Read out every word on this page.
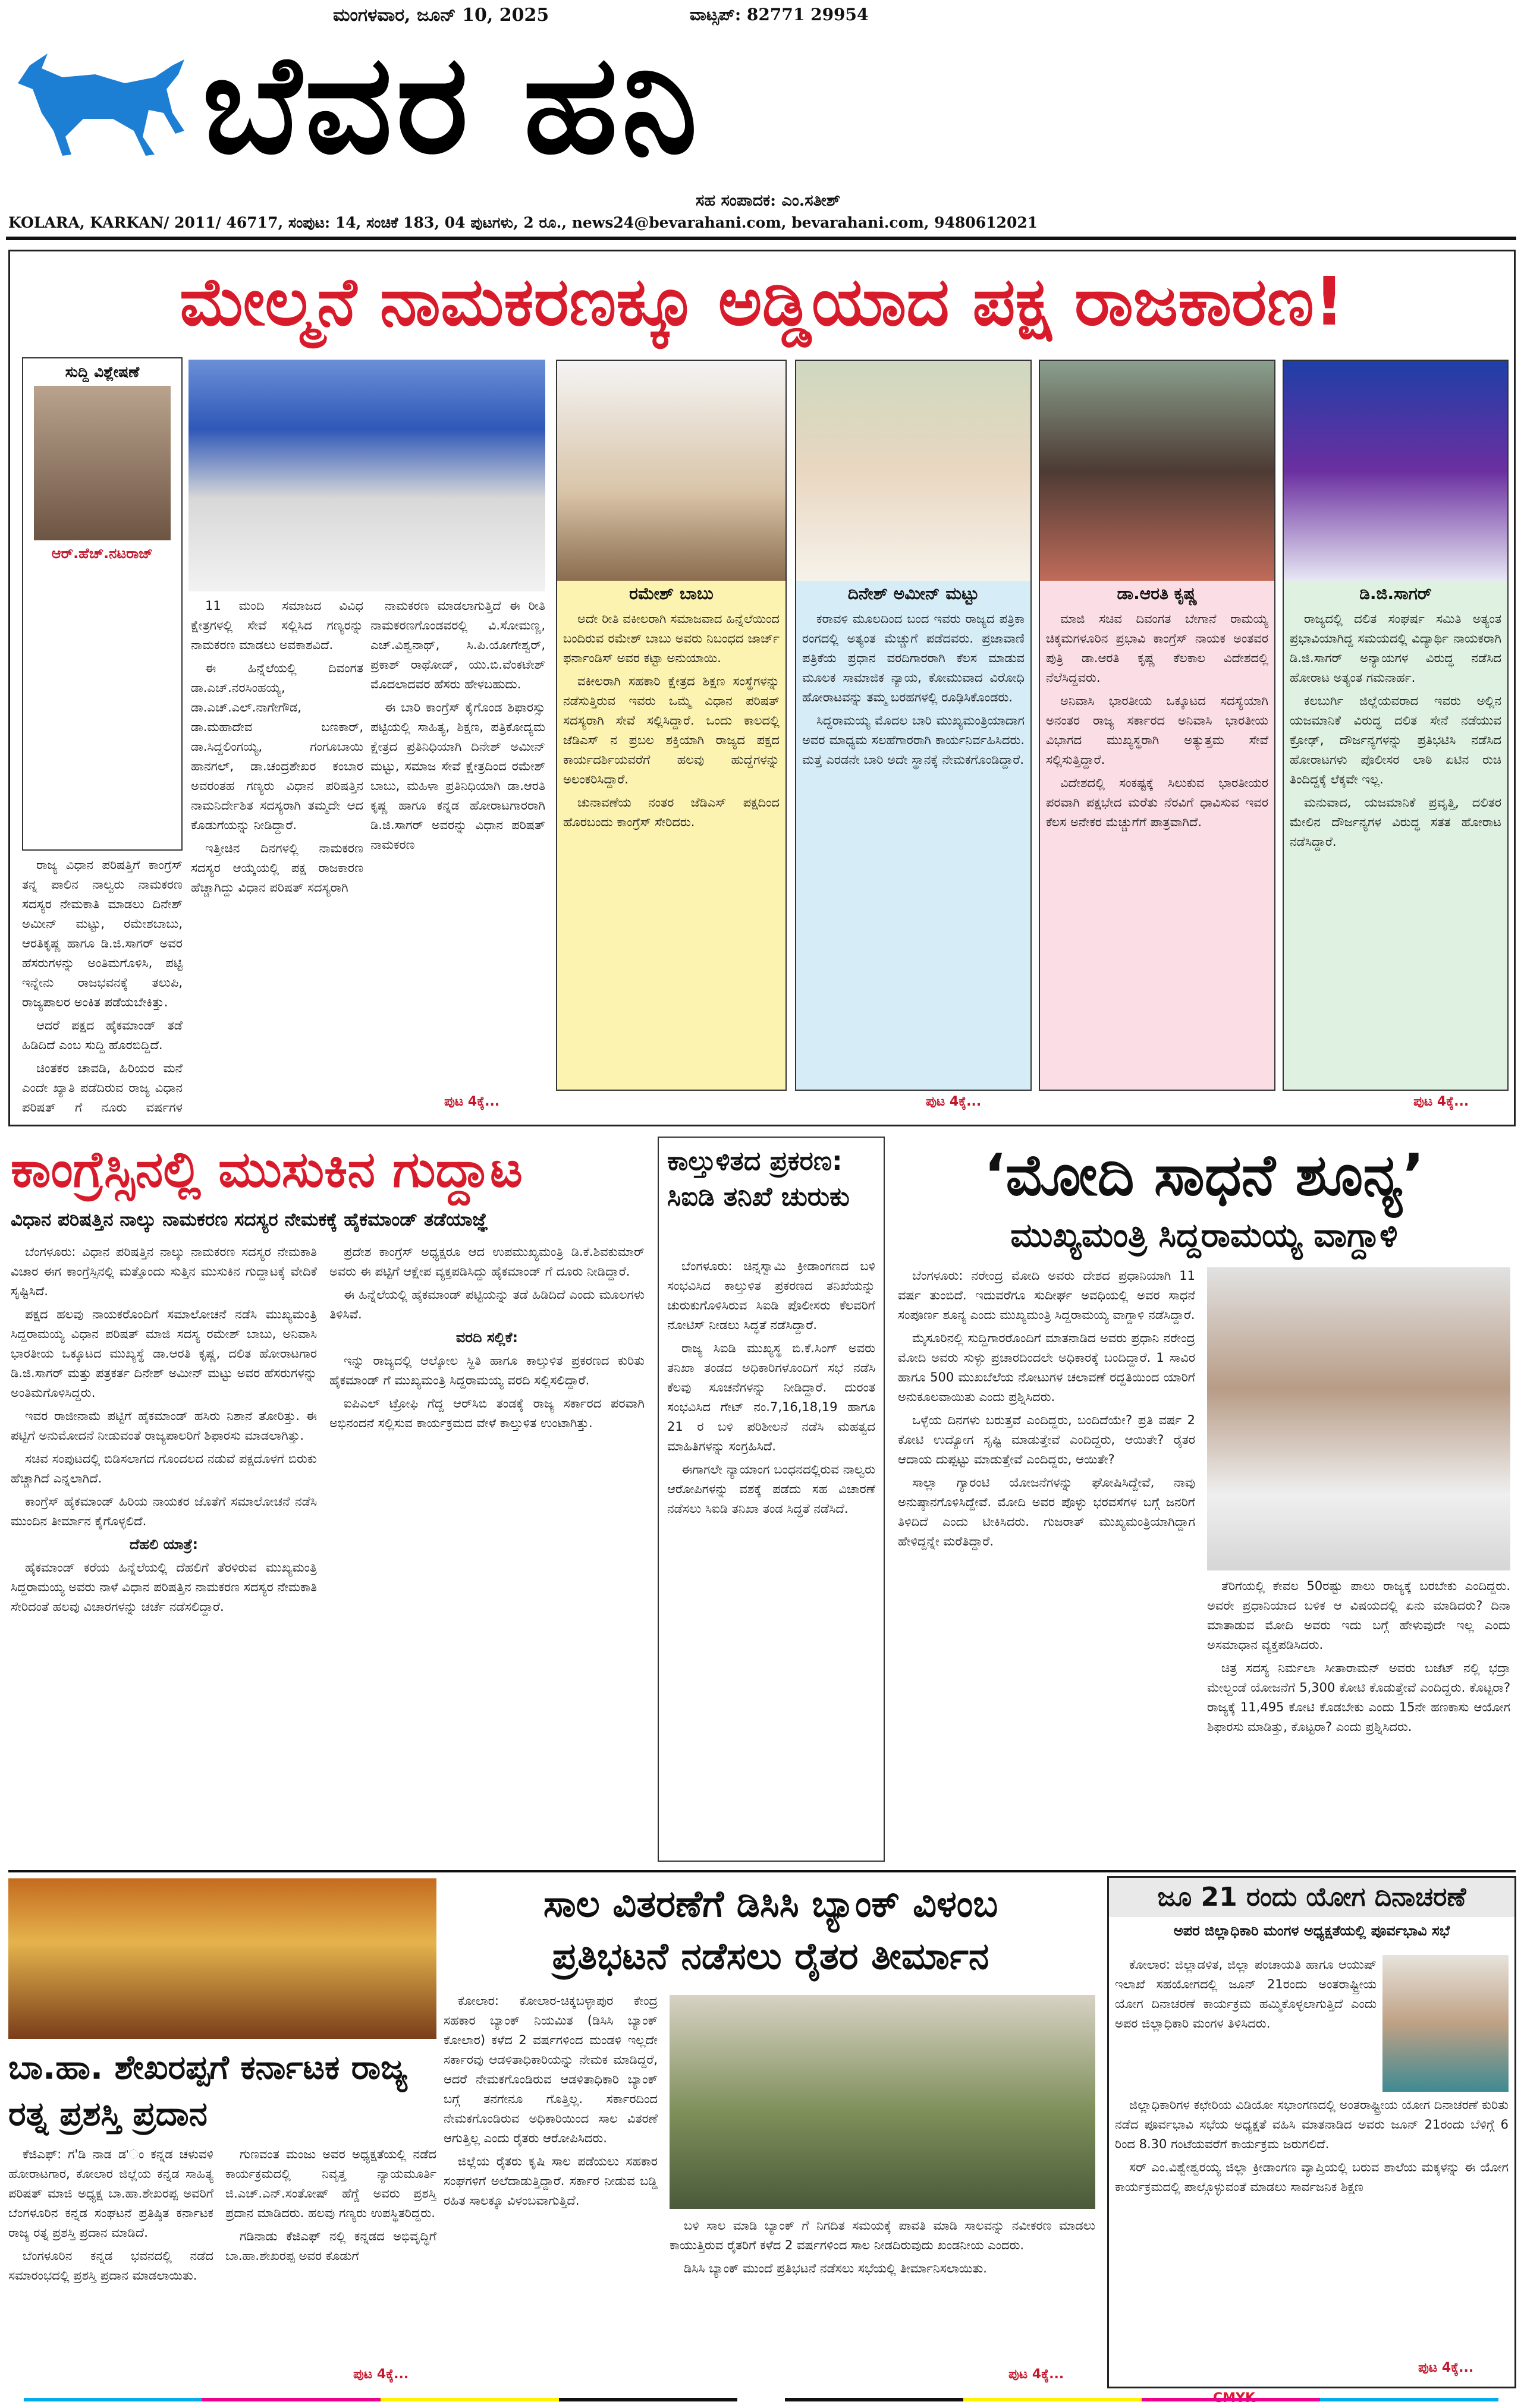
ಮಂಗಳವಾರ, ಜೂನ್ 10, 2025	ವಾಟ್ಸಪ್: 82771 29954
ಬೆವರ ಹನಿ
ಸಹ ಸಂಪಾದಕ: ಎಂ.ಸತೀಶ್
KOLARA, KARKAN/ 2011/ 46717, ಸಂಪುಟ: 14, ಸಂಚಿಕೆ 183, 04 ಪುಟಗಳು, 2 ರೂ., news24@bevarahani.com, bevarahani.com, 9480612021
ಮೇಲ್ಮನೆ ನಾಮಕರಣಕ್ಕೂ ಅಡ್ಡಿಯಾದ ಪಕ್ಷ ರಾಜಕಾರಣ!
ಸುದ್ದಿ ವಿಶ್ಲೇಷಣೆ
ಆರ್.ಹೆಚ್.ನಟರಾಜ್
ರಮೇಶ್ ಬಾಬು

ಅದೇ ರೀತಿ ವಕೀಲರಾಗಿ ಸಮಾಜವಾದ ಹಿನ್ನೆಲೆಯಿಂದ ಬಂದಿರುವ ರಮೇಶ್ ಬಾಬು ಅವರು ನಿಬಂಧದ ಜಾರ್ಜ್ ಫರ್ನಾಂಡಿಸ್ ಅವರ ಕಟ್ಟಾ ಅನುಯಾಯಿ.

ವಕೀಲರಾಗಿ ಸಹಕಾರಿ ಕ್ಷೇತ್ರದ ಶಿಕ್ಷಣ ಸಂಸ್ಥೆಗಳನ್ನು ನಡೆಸುತ್ತಿರುವ ಇವರು ಒಮ್ಮೆ ವಿಧಾನ ಪರಿಷತ್ ಸದಸ್ಯರಾಗಿ ಸೇವೆ ಸಲ್ಲಿಸಿದ್ದಾರೆ. ಒಂದು ಕಾಲದಲ್ಲಿ ಜೆಡಿಎಸ್ ನ ಪ್ರಬಲ ಶಕ್ತಿಯಾಗಿ ರಾಜ್ಯದ ಪಕ್ಷದ ಕಾರ್ಯದರ್ಶಿಯವರೆಗೆ ಹಲವು ಹುದ್ದೆಗಳನ್ನು ಅಲಂಕರಿಸಿದ್ದಾರೆ.

ಚುನಾವಣೆಯ ನಂತರ ಜೆಡಿಎಸ್ ಪಕ್ಷದಿಂದ ಹೊರಬಂದು ಕಾಂಗ್ರೆಸ್ ಸೇರಿದರು.

ದಿನೇಶ್ ಅಮೀನ್ ಮಟ್ಟು

ಕರಾವಳಿ ಮೂಲದಿಂದ ಬಂದ ಇವರು ರಾಜ್ಯದ ಪತ್ರಿಕಾ ರಂಗದಲ್ಲಿ ಅತ್ಯಂತ ಮೆಚ್ಚುಗೆ ಪಡೆದವರು. ಪ್ರಜಾವಾಣಿ ಪತ್ರಿಕೆಯ ಪ್ರಧಾನ ವರದಿಗಾರರಾಗಿ ಕೆಲಸ ಮಾಡುವ ಮೂಲಕ ಸಾಮಾಜಿಕ ನ್ಯಾಯ, ಕೋಮುವಾದ ವಿರೋಧಿ ಹೋರಾಟವನ್ನು ತಮ್ಮ ಬರಹಗಳಲ್ಲಿ ರೂಢಿಸಿಕೊಂಡರು.

ಸಿದ್ದರಾಮಯ್ಯ ಮೊದಲ ಬಾರಿ ಮುಖ್ಯಮಂತ್ರಿಯಾದಾಗ ಅವರ ಮಾಧ್ಯಮ ಸಲಹೆಗಾರರಾಗಿ ಕಾರ್ಯನಿರ್ವಹಿಸಿದರು. ಮತ್ತೆ ಎರಡನೇ ಬಾರಿ ಅದೇ ಸ್ಥಾನಕ್ಕೆ ನೇಮಕಗೊಂಡಿದ್ದಾರೆ.

ಡಾ.ಆರತಿ ಕೃಷ್ಣ

ಮಾಜಿ ಸಚಿವ ದಿವಂಗತ ಬೇಗಾನೆ ರಾಮಯ್ಯ ಚಿಕ್ಕಮಗಳೂರಿನ ಪ್ರಭಾವಿ ಕಾಂಗ್ರೆಸ್ ನಾಯಕ ಅಂತವರ ಪುತ್ರಿ ಡಾ.ಆರತಿ ಕೃಷ್ಣ ಕೆಲಕಾಲ ವಿದೇಶದಲ್ಲಿ ನೆಲೆಸಿದ್ದವರು.

ಅನಿವಾಸಿ ಭಾರತೀಯ ಒಕ್ಕೂಟದ ಸದಸ್ಯೆಯಾಗಿ ಅನಂತರ ರಾಜ್ಯ ಸರ್ಕಾರದ ಅನಿವಾಸಿ ಭಾರತೀಯ ವಿಭಾಗದ ಮುಖ್ಯಸ್ಥರಾಗಿ ಅತ್ಯುತ್ತಮ ಸೇವೆ ಸಲ್ಲಿಸುತ್ತಿದ್ದಾರೆ.

ವಿದೇಶದಲ್ಲಿ ಸಂಕಷ್ಟಕ್ಕೆ ಸಿಲುಕುವ ಭಾರತೀಯರ ಪರವಾಗಿ ಪಕ್ಷಭೇದ ಮರೆತು ನೆರವಿಗೆ ಧಾವಿಸುವ ಇವರ ಕೆಲಸ ಅನೇಕರ ಮೆಚ್ಚುಗೆಗೆ ಪಾತ್ರವಾಗಿದೆ.

ಡಿ.ಜಿ.ಸಾಗರ್

ರಾಜ್ಯದಲ್ಲಿ ದಲಿತ ಸಂಘರ್ಷ ಸಮಿತಿ ಅತ್ಯಂತ ಪ್ರಭಾವಿಯಾಗಿದ್ದ ಸಮಯದಲ್ಲಿ ವಿದ್ಯಾರ್ಥಿ ನಾಯಕರಾಗಿ ಡಿ.ಜಿ.ಸಾಗರ್ ಅನ್ಯಾಯಗಳ ವಿರುದ್ಧ ನಡೆಸಿದ ಹೋರಾಟ ಅತ್ಯಂತ ಗಮನಾರ್ಹ.

ಕಲಬುರ್ಗಿ ಜಿಲ್ಲೆಯವರಾದ ಇವರು ಅಲ್ಲಿನ ಯಜಮಾನಿಕೆ ವಿರುದ್ಧ ದಲಿತ ಸೇನೆ ನಡೆಯುವ ಕ್ರೋಢ್, ದೌರ್ಜನ್ಯಗಳನ್ನು ಪ್ರತಿಭಟಿಸಿ ನಡೆಸಿದ ಹೋರಾಟಗಳು ಪೊಲೀಸರ ಲಾಠಿ ಏಟಿನ ರುಚಿ ತಿಂದಿದ್ದಕ್ಕೆ ಲೆಕ್ಕವೇ ಇಲ್ಲ.

ಮನುವಾದ, ಯಜಮಾನಿಕೆ ಪ್ರವೃತ್ತಿ, ದಲಿತರ ಮೇಲಿನ ದೌರ್ಜನ್ಯಗಳ ವಿರುದ್ಧ ಸತತ ಹೋರಾಟ ನಡೆಸಿದ್ದಾರೆ.

ರಾಜ್ಯ ವಿಧಾನ ಪರಿಷತ್ತಿಗೆ ಕಾಂಗ್ರೆಸ್ ತನ್ನ ಪಾಲಿನ ನಾಲ್ವರು ನಾಮಕರಣ ಸದಸ್ಯರ ನೇಮಕಾತಿ ಮಾಡಲು ದಿನೇಶ್ ಅಮೀನ್ ಮಟ್ಟು, ರಮೇಶಬಾಬು, ಆರತಿಕೃಷ್ಣ ಹಾಗೂ ಡಿ.ಜಿ.ಸಾಗರ್ ಅವರ ಹೆಸರುಗಳನ್ನು ಅಂತಿಮಗೊಳಿಸಿ, ಪಟ್ಟಿ ಇನ್ನೇನು ರಾಜಭವನಕ್ಕೆ ತಲುಪಿ, ರಾಜ್ಯಪಾಲರ ಅಂಕಿತ ಪಡೆಯಬೇಕಿತ್ತು.

ಆದರೆ ಪಕ್ಷದ ಹೈಕಮಾಂಡ್ ತಡೆ ಹಿಡಿದಿದೆ ಎಂಬ ಸುದ್ದಿ ಹೊರಬಿದ್ದಿದೆ.

ಚಿಂತಕರ ಚಾವಡಿ, ಹಿರಿಯರ ಮನೆ ಎಂದೇ ಖ್ಯಾತಿ ಪಡೆದಿರುವ ರಾಜ್ಯ ವಿಧಾನ ಪರಿಷತ್ ಗೆ ನೂರು ವರ್ಷಗಳ

11 ಮಂದಿ ಸಮಾಜದ ವಿವಿಧ ಕ್ಷೇತ್ರಗಳಲ್ಲಿ ಸೇವೆ ಸಲ್ಲಿಸಿದ ಗಣ್ಯರನ್ನು ನಾಮಕರಣ ಮಾಡಲು ಅವಕಾಶವಿದೆ.

ಈ ಹಿನ್ನೆಲೆಯಲ್ಲಿ ದಿವಂಗತ ಡಾ.ಎಚ್.ನರಸಿಂಹಯ್ಯ, ಡಾ.ಎಚ್.ಎಲ್.ನಾಗೇಗೌಡ, ಡಾ.ಮಹಾದೇವ ಬಣಕಾರ್, ಡಾ.ಸಿದ್ದಲಿಂಗಯ್ಯ, ಗಂಗೂಬಾಯಿ ಹಾನಗಲ್, ಡಾ.ಚಂದ್ರಶೇಖರ ಕಂಬಾರ ಅವರಂತಹ ಗಣ್ಯರು ವಿಧಾನ ಪರಿಷತ್ತಿನ ನಾಮನಿರ್ದೇಶಿತ ಸದಸ್ಯರಾಗಿ ತಮ್ಮದೇ ಆದ ಕೊಡುಗೆಯನ್ನು ನೀಡಿದ್ದಾರೆ.

ಇತ್ತೀಚಿನ ದಿನಗಳಲ್ಲಿ ನಾಮಕರಣ ಸದಸ್ಯರ ಆಯ್ಕೆಯಲ್ಲಿ ಪಕ್ಷ ರಾಜಕಾರಣ ಹೆಚ್ಚಾಗಿದ್ದು ವಿಧಾನ ಪರಿಷತ್ ಸದಸ್ಯರಾಗಿ

ನಾಮಕರಣ ಮಾಡಲಾಗುತ್ತಿದೆ ಈ ರೀತಿ ನಾಮಕರಣಗೊಂಡವರಲ್ಲಿ ವಿ.ಸೋಮಣ್ಣ, ಎಚ್.ವಿಶ್ವನಾಥ್, ಸಿ.ಪಿ.ಯೋಗೇಶ್ವರ್, ಪ್ರಕಾಶ್ ರಾಥೋಡ್, ಯು.ಬಿ.ವೆಂಕಟೇಶ್ ಮೊದಲಾದವರ ಹೆಸರು ಹೇಳಬಹುದು.

ಈ ಬಾರಿ ಕಾಂಗ್ರೆಸ್ ಕೈಗೊಂಡ ಶಿಫಾರಸ್ಸು ಪಟ್ಟಿಯಲ್ಲಿ ಸಾಹಿತ್ಯ, ಶಿಕ್ಷಣ, ಪತ್ರಿಕೋದ್ಯಮ ಕ್ಷೇತ್ರದ ಪ್ರತಿನಿಧಿಯಾಗಿ ದಿನೇಶ್ ಅಮೀನ್ ಮಟ್ಟು, ಸಮಾಜ ಸೇವೆ ಕ್ಷೇತ್ರದಿಂದ ರಮೇಶ್ ಬಾಬು, ಮಹಿಳಾ ಪ್ರತಿನಿಧಿಯಾಗಿ ಡಾ.ಆರತಿ ಕೃಷ್ಣ ಹಾಗೂ ಕನ್ನಡ ಹೋರಾಟಗಾರರಾಗಿ ಡಿ.ಜಿ.ಸಾಗರ್ ಅವರನ್ನು ವಿಧಾನ ಪರಿಷತ್ ನಾಮಕರಣ

ಪುಟ 4ಕ್ಕೆ...	ಪುಟ 4ಕ್ಕೆ...	ಪುಟ 4ಕ್ಕೆ...
ಕಾಂಗ್ರೆಸ್ಸಿನಲ್ಲಿ ಮುಸುಕಿನ ಗುದ್ದಾಟ
ವಿಧಾನ ಪರಿಷತ್ತಿನ ನಾಲ್ಕು ನಾಮಕರಣ ಸದಸ್ಯರ ನೇಮಕಕ್ಕೆ ಹೈಕಮಾಂಡ್ ತಡೆಯಾಜ್ಞೆ

ಬೆಂಗಳೂರು: ವಿಧಾನ ಪರಿಷತ್ತಿನ ನಾಲ್ಕು ನಾಮಕರಣ ಸದಸ್ಯರ ನೇಮಕಾತಿ ವಿಚಾರ ಈಗ ಕಾಂಗ್ರೆಸ್ಸಿನಲ್ಲಿ ಮತ್ತೊಂದು ಸುತ್ತಿನ ಮುಸುಕಿನ ಗುದ್ದಾಟಕ್ಕೆ ವೇದಿಕೆ ಸೃಷ್ಟಿಸಿದೆ.

ಪಕ್ಷದ ಹಲವು ನಾಯಕರೊಂದಿಗೆ ಸಮಾಲೋಚನೆ ನಡೆಸಿ ಮುಖ್ಯಮಂತ್ರಿ ಸಿದ್ದರಾಮಯ್ಯ ವಿಧಾನ ಪರಿಷತ್ ಮಾಜಿ ಸದಸ್ಯ ರಮೇಶ್ ಬಾಬು, ಅನಿವಾಸಿ ಭಾರತೀಯ ಒಕ್ಕೂಟದ ಮುಖ್ಯಸ್ಥೆ ಡಾ.ಆರತಿ ಕೃಷ್ಣ, ದಲಿತ ಹೋರಾಟಗಾರ ಡಿ.ಜಿ.ಸಾಗರ್ ಮತ್ತು ಪತ್ರಕರ್ತ ದಿನೇಶ್ ಅಮೀನ್ ಮಟ್ಟು ಅವರ ಹೆಸರುಗಳನ್ನು ಅಂತಿಮಗೊಳಿಸಿದ್ದರು.

ಇವರ ರಾಜೀನಾಮೆ ಪಟ್ಟಿಗೆ ಹೈಕಮಾಂಡ್ ಹಸಿರು ನಿಶಾನೆ ತೋರಿತ್ತು. ಈ ಪಟ್ಟಿಗೆ ಅನುಮೋದನೆ ನೀಡುವಂತೆ ರಾಜ್ಯಪಾಲರಿಗೆ ಶಿಫಾರಸು ಮಾಡಲಾಗಿತ್ತು.

ಸಚಿವ ಸಂಪುಟದಲ್ಲಿ ಬಿಡಿಸಲಾಗದ ಗೊಂದಲದ ನಡುವೆ ಪಕ್ಷದೊಳಗೆ ಬಿರುಕು ಹೆಚ್ಚಾಗಿದೆ ಎನ್ನಲಾಗಿದೆ.

ಕಾಂಗ್ರೆಸ್ ಹೈಕಮಾಂಡ್ ಹಿರಿಯ ನಾಯಕರ ಜೊತೆಗೆ ಸಮಾಲೋಚನೆ ನಡೆಸಿ ಮುಂದಿನ ತೀರ್ಮಾನ ಕೈಗೊಳ್ಳಲಿದೆ.

ದೆಹಲಿ ಯಾತ್ರೆ:

ಹೈಕಮಾಂಡ್ ಕರೆಯ ಹಿನ್ನೆಲೆಯಲ್ಲಿ ದೆಹಲಿಗೆ ತೆರಳಿರುವ ಮುಖ್ಯಮಂತ್ರಿ ಸಿದ್ದರಾಮಯ್ಯ ಅವರು ನಾಳೆ ವಿಧಾನ ಪರಿಷತ್ತಿನ ನಾಮಕರಣ ಸದಸ್ಯರ ನೇಮಕಾತಿ ಸೇರಿದಂತೆ ಹಲವು ವಿಚಾರಗಳನ್ನು ಚರ್ಚೆ ನಡೆಸಲಿದ್ದಾರೆ.

ಪ್ರದೇಶ ಕಾಂಗ್ರೆಸ್ ಅಧ್ಯಕ್ಷರೂ ಆದ ಉಪಮುಖ್ಯಮಂತ್ರಿ ಡಿ.ಕೆ.ಶಿವಕುಮಾರ್ ಅವರು ಈ ಪಟ್ಟಿಗೆ ಆಕ್ಷೇಪ ವ್ಯಕ್ತಪಡಿಸಿದ್ದು ಹೈಕಮಾಂಡ್ ಗೆ ದೂರು ನೀಡಿದ್ದಾರೆ.

ಈ ಹಿನ್ನೆಲೆಯಲ್ಲಿ ಹೈಕಮಾಂಡ್ ಪಟ್ಟಿಯನ್ನು ತಡೆ ಹಿಡಿದಿದೆ ಎಂದು ಮೂಲಗಳು ತಿಳಿಸಿವೆ.

ವರದಿ ಸಲ್ಲಿಕೆ:

ಇನ್ನು ರಾಜ್ಯದಲ್ಲಿ ಆಲ್ಕೋಲ ಸ್ಥಿತಿ ಹಾಗೂ ಕಾಲ್ತುಳಿತ ಪ್ರಕರಣದ ಕುರಿತು ಹೈಕಮಾಂಡ್ ಗೆ ಮುಖ್ಯಮಂತ್ರಿ ಸಿದ್ದರಾಮಯ್ಯ ವರದಿ ಸಲ್ಲಿಸಲಿದ್ದಾರೆ.

ಐಪಿಎಲ್ ಟ್ರೋಫಿ ಗೆದ್ದ ಆರ್‌ಸಿಬಿ ತಂಡಕ್ಕೆ ರಾಜ್ಯ ಸರ್ಕಾರದ ಪರವಾಗಿ ಅಭಿನಂದನೆ ಸಲ್ಲಿಸುವ ಕಾರ್ಯಕ್ರಮದ ವೇಳೆ ಕಾಲ್ತುಳಿತ ಉಂಟಾಗಿತ್ತು.

ಕಾಲ್ತುಳಿತದ ಪ್ರಕರಣ: ಸಿಐಡಿ ತನಿಖೆ ಚುರುಕು

ಬೆಂಗಳೂರು: ಚಿನ್ನಸ್ವಾಮಿ ಕ್ರೀಡಾಂಗಣದ ಬಳಿ ಸಂಭವಿಸಿದ ಕಾಲ್ತುಳಿತ ಪ್ರಕರಣದ ತನಿಖೆಯನ್ನು ಚುರುಕುಗೊಳಿಸಿರುವ ಸಿಐಡಿ ಪೊಲೀಸರು ಕೆಲವರಿಗೆ ನೋಟಿಸ್ ನೀಡಲು ಸಿದ್ಧತೆ ನಡೆಸಿದ್ದಾರೆ.

ರಾಜ್ಯ ಸಿಐಡಿ ಮುಖ್ಯಸ್ಥ ಬಿ.ಕೆ.ಸಿಂಗ್ ಅವರು ತನಿಖಾ ತಂಡದ ಅಧಿಕಾರಿಗಳೊಂದಿಗೆ ಸಭೆ ನಡೆಸಿ ಕೆಲವು ಸೂಚನೆಗಳನ್ನು ನೀಡಿದ್ದಾರೆ. ದುರಂತ ಸಂಭವಿಸಿದ ಗೇಟ್ ನಂ.7,16,18,19 ಹಾಗೂ 21 ರ ಬಳಿ ಪರಿಶೀಲನೆ ನಡೆಸಿ ಮಹತ್ವದ ಮಾಹಿತಿಗಳನ್ನು ಸಂಗ್ರಹಿಸಿದೆ.

ಈಗಾಗಲೇ ನ್ಯಾಯಾಂಗ ಬಂಧನದಲ್ಲಿರುವ ನಾಲ್ವರು ಆರೋಪಿಗಳನ್ನು ವಶಕ್ಕೆ ಪಡೆದು ಸಹ ವಿಚಾರಣೆ ನಡೆಸಲು ಸಿಐಡಿ ತನಿಖಾ ತಂಡ ಸಿದ್ಧತೆ ನಡೆಸಿದೆ.

‘ಮೋದಿ ಸಾಧನೆ ಶೂನ್ಯ’
ಮುಖ್ಯಮಂತ್ರಿ ಸಿದ್ದರಾಮಯ್ಯ ವಾಗ್ದಾಳಿ

ಬೆಂಗಳೂರು: ನರೇಂದ್ರ ಮೋದಿ ಅವರು ದೇಶದ ಪ್ರಧಾನಿಯಾಗಿ 11 ವರ್ಷ ತುಂಬಿದೆ. ಇದುವರೆಗೂ ಸುದೀರ್ಘ ಅವಧಿಯಲ್ಲಿ ಅವರ ಸಾಧನೆ ಸಂಪೂರ್ಣ ಶೂನ್ಯ ಎಂದು ಮುಖ್ಯಮಂತ್ರಿ ಸಿದ್ದರಾಮಯ್ಯ ವಾಗ್ದಾಳಿ ನಡೆಸಿದ್ದಾರೆ.

ಮೈಸೂರಿನಲ್ಲಿ ಸುದ್ದಿಗಾರರೊಂದಿಗೆ ಮಾತನಾಡಿದ ಅವರು ಪ್ರಧಾನಿ ನರೇಂದ್ರ ಮೋದಿ ಅವರು ಸುಳ್ಳು ಪ್ರಚಾರದಿಂದಲೇ ಅಧಿಕಾರಕ್ಕೆ ಬಂದಿದ್ದಾರೆ. 1 ಸಾವಿರ ಹಾಗೂ 500 ಮುಖಬೆಲೆಯ ನೋಟುಗಳ ಚಲಾವಣೆ ರದ್ದತಿಯಿಂದ ಯಾರಿಗೆ ಅನುಕೂಲವಾಯಿತು ಎಂದು ಪ್ರಶ್ನಿಸಿದರು.

ಒಳ್ಳೆಯ ದಿನಗಳು ಬರುತ್ತವೆ ಎಂದಿದ್ದರು, ಬಂದಿದೆಯೇ? ಪ್ರತಿ ವರ್ಷ 2 ಕೋಟಿ ಉದ್ಯೋಗ ಸೃಷ್ಟಿ ಮಾಡುತ್ತೇವೆ ಎಂದಿದ್ದರು, ಆಯಿತೇ? ರೈತರ ಆದಾಯ ದುಪ್ಪಟ್ಟು ಮಾಡುತ್ತೇವೆ ಎಂದಿದ್ದರು, ಆಯಿತೇ?

ಸಾಲ್ಲಾ ಗ್ಯಾರಂಟಿ ಯೋಜನೆಗಳನ್ನು ಘೋಷಿಸಿದ್ದೇವೆ, ನಾವು ಅನುಷ್ಠಾನಗೊಳಿಸಿದ್ದೇವೆ. ಮೋದಿ ಅವರ ಪೊಳ್ಳು ಭರವಸೆಗಳ ಬಗ್ಗೆ ಜನರಿಗೆ ತಿಳಿದಿದೆ ಎಂದು ಟೀಕಿಸಿದರು. ಗುಜರಾತ್ ಮುಖ್ಯಮಂತ್ರಿಯಾಗಿದ್ದಾಗ ಹೇಳಿದ್ದನ್ನೇ ಮರೆತಿದ್ದಾರೆ.

ತೆರಿಗೆಯಲ್ಲಿ ಕೇವಲ 50ರಷ್ಟು ಪಾಲು ರಾಜ್ಯಕ್ಕೆ ಬರಬೇಕು ಎಂದಿದ್ದರು. ಅವರೇ ಪ್ರಧಾನಿಯಾದ ಬಳಿಕ ಆ ವಿಷಯದಲ್ಲಿ ಏನು ಮಾಡಿದರು? ದಿನಾ ಮಾತಾಡುವ ಮೋದಿ ಅವರು ಇದು ಬಗ್ಗೆ ಹೇಳುವುದೇ ಇಲ್ಲ ಎಂದು ಅಸಮಾಧಾನ ವ್ಯಕ್ತಪಡಿಸಿದರು.

ಚಿತ್ರ ಸದಸ್ಯ ನಿರ್ಮಲಾ ಸೀತಾರಾಮನ್ ಅವರು ಬಜೆಟ್ ನಲ್ಲಿ ಭದ್ರಾ ಮೇಲ್ದಂಡೆ ಯೋಜನೆಗೆ 5,300 ಕೋಟಿ ಕೊಡುತ್ತೇವೆ ಎಂದಿದ್ದರು. ಕೊಟ್ಟರಾ? ರಾಜ್ಯಕ್ಕೆ 11,495 ಕೋಟಿ ಕೊಡಬೇಕು ಎಂದು 15ನೇ ಹಣಕಾಸು ಆಯೋಗ ಶಿಫಾರಸು ಮಾಡಿತ್ತು, ಕೊಟ್ಟರಾ? ಎಂದು ಪ್ರಶ್ನಿಸಿದರು.

ಬಾ.ಹಾ. ಶೇಖರಪ್ಪಗೆ ಕರ್ನಾಟಕ ರಾಜ್ಯ ರತ್ನ ಪ್ರಶಸ್ತಿ ಪ್ರದಾನ

ಕೆಜಿಎಫ್: ಗ'ಡಿ ನಾಡ ಡ'ಂ ಕನ್ನಡ ಚಳುವಳಿ ಹೋರಾಟಗಾರ, ಕೋಲಾರ ಜಿಲ್ಲೆಯ ಕನ್ನಡ ಸಾಹಿತ್ಯ ಪರಿಷತ್ ಮಾಜಿ ಅಧ್ಯಕ್ಷ ಬಾ.ಹಾ.ಶೇಖರಪ್ಪ ಅವರಿಗೆ ಬೆಂಗಳೂರಿನ ಕನ್ನಡ ಸಂಘಟನೆ ಪ್ರತಿಷ್ಠಿತ ಕರ್ನಾಟಕ ರಾಜ್ಯ ರತ್ನ ಪ್ರಶಸ್ತಿ ಪ್ರದಾನ ಮಾಡಿದೆ.

ಬೆಂಗಳೂರಿನ ಕನ್ನಡ ಭವನದಲ್ಲಿ ನಡೆದ ಸಮಾರಂಭದಲ್ಲಿ ಪ್ರಶಸ್ತಿ ಪ್ರದಾನ ಮಾಡಲಾಯಿತು.

ಗುಣವಂತ ಮಂಜು ಅವರ ಅಧ್ಯಕ್ಷತೆಯಲ್ಲಿ ನಡೆದ ಕಾರ್ಯಕ್ರಮದಲ್ಲಿ ನಿವೃತ್ತ ನ್ಯಾಯಮೂರ್ತಿ ಜಿ.ಎಚ್.ಎನ್.ಸಂತೋಷ್ ಹೆಗ್ಡೆ ಅವರು ಪ್ರಶಸ್ತಿ ಪ್ರದಾನ ಮಾಡಿದರು. ಹಲವು ಗಣ್ಯರು ಉಪಸ್ಥಿತರಿದ್ದರು.

ಗಡಿನಾಡು ಕೆಜಿಎಫ್ ನಲ್ಲಿ ಕನ್ನಡದ ಅಭಿವೃದ್ಧಿಗೆ ಬಾ.ಹಾ.ಶೇಖರಪ್ಪ ಅವರ ಕೊಡುಗೆ

ಪುಟ 4ಕ್ಕೆ...
ಸಾಲ ವಿತರಣೆಗೆ ಡಿಸಿಸಿ ಬ್ಯಾಂಕ್ ವಿಳಂಬ
ಪ್ರತಿಭಟನೆ ನಡೆಸಲು ರೈತರ ತೀರ್ಮಾನ

ಕೋಲಾರ: ಕೋಲಾರ-ಚಿಕ್ಕಬಳ್ಳಾಪುರ ಕೇಂದ್ರ ಸಹಕಾರ ಬ್ಯಾಂಕ್ ನಿಯಮಿತ (ಡಿಸಿಸಿ ಬ್ಯಾಂಕ್ ಕೋಲಾರ) ಕಳೆದ 2 ವರ್ಷಗಳಿಂದ ಮಂಡಳಿ ಇಲ್ಲದೇ ಸರ್ಕಾರವು ಆಡಳಿತಾಧಿಕಾರಿಯನ್ನು ನೇಮಕ ಮಾಡಿದ್ದರೆ, ಆದರೆ ನೇಮಕಗೊಂಡಿರುವ ಆಡಳಿತಾಧಿಕಾರಿ ಬ್ಯಾಂಕ್ ಬಗ್ಗೆ ತನಗೇನೂ ಗೊತ್ತಿಲ್ಲ. ಸರ್ಕಾರದಿಂದ ನೇಮಕಗೊಂಡಿರುವ ಅಧಿಕಾರಿಯಿಂದ ಸಾಲ ವಿತರಣೆ ಆಗುತ್ತಿಲ್ಲ ಎಂದು ರೈತರು ಆರೋಪಿಸಿದರು.

ಜಿಲ್ಲೆಯ ರೈತರು ಕೃಷಿ ಸಾಲ ಪಡೆಯಲು ಸಹಕಾರ ಸಂಘಗಳಿಗೆ ಅಲೆದಾಡುತ್ತಿದ್ದಾರೆ. ಸರ್ಕಾರ ನೀಡುವ ಬಡ್ಡಿ ರಹಿತ ಸಾಲಕ್ಕೂ ವಿಳಂಬವಾಗುತ್ತಿದೆ.

ಬಳಿ ಸಾಲ ಮಾಡಿ ಬ್ಯಾಂಕ್ ಗೆ ನಿಗದಿತ ಸಮಯಕ್ಕೆ ಪಾವತಿ ಮಾಡಿ ಸಾಲವನ್ನು ನವೀಕರಣ ಮಾಡಲು ಕಾಯುತ್ತಿರುವ ರೈತರಿಗೆ ಕಳೆದ 2 ವರ್ಷಗಳಿಂದ ಸಾಲ ನೀಡದಿರುವುದು ಖಂಡನೀಯ ಎಂದರು.

ಡಿಸಿಸಿ ಬ್ಯಾಂಕ್ ಮುಂದೆ ಪ್ರತಿಭಟನೆ ನಡೆಸಲು ಸಭೆಯಲ್ಲಿ ತೀರ್ಮಾನಿಸಲಾಯಿತು.

ಪುಟ 4ಕ್ಕೆ...
ಜೂ 21 ರಂದು ಯೋಗ ದಿನಾಚರಣೆ
ಅಪರ ಜಿಲ್ಲಾಧಿಕಾರಿ ಮಂಗಳ ಅಧ್ಯಕ್ಷತೆಯಲ್ಲಿ ಪೂರ್ವಭಾವಿ ಸಭೆ

ಕೋಲಾರ: ಜಿಲ್ಲಾಡಳಿತ, ಜಿಲ್ಲಾ ಪಂಚಾಯತಿ ಹಾಗೂ ಆಯುಷ್ ಇಲಾಖೆ ಸಹಯೋಗದಲ್ಲಿ ಜೂನ್ 21ರಂದು ಅಂತರಾಷ್ಟ್ರೀಯ ಯೋಗ ದಿನಾಚರಣೆ ಕಾರ್ಯಕ್ರಮ ಹಮ್ಮಿಕೊಳ್ಳಲಾಗುತ್ತಿದೆ ಎಂದು ಅಪರ ಜಿಲ್ಲಾಧಿಕಾರಿ ಮಂಗಳ ತಿಳಿಸಿದರು.

ಜಿಲ್ಲಾಧಿಕಾರಿಗಳ ಕಛೇರಿಯ ವಿಡಿಯೋ ಸಭಾಂಗಣದಲ್ಲಿ ಅಂತರಾಷ್ಟ್ರೀಯ ಯೋಗ ದಿನಾಚರಣೆ ಕುರಿತು ನಡೆದ ಪೂರ್ವಭಾವಿ ಸಭೆಯ ಅಧ್ಯಕ್ಷತೆ ವಹಿಸಿ ಮಾತನಾಡಿದ ಅವರು ಜೂನ್ 21ರಂದು ಬೆಳಿಗ್ಗೆ 6 ರಿಂದ 8.30 ಗಂಟೆಯವರೆಗೆ ಕಾರ್ಯಕ್ರಮ ಜರುಗಲಿದೆ.

ಸರ್ ಎಂ.ವಿಶ್ವೇಶ್ವರಯ್ಯ ಜಿಲ್ಲಾ ಕ್ರೀಡಾಂಗಣ ವ್ಯಾಪ್ತಿಯಲ್ಲಿ ಬರುವ ಶಾಲೆಯ ಮಕ್ಕಳನ್ನು ಈ ಯೋಗ ಕಾರ್ಯಕ್ರಮದಲ್ಲಿ ಪಾಲ್ಗೊಳ್ಳುವಂತೆ ಮಾಡಲು ಸಾರ್ವಜನಿಕ ಶಿಕ್ಷಣ

ಪುಟ 4ಕ್ಕೆ...
